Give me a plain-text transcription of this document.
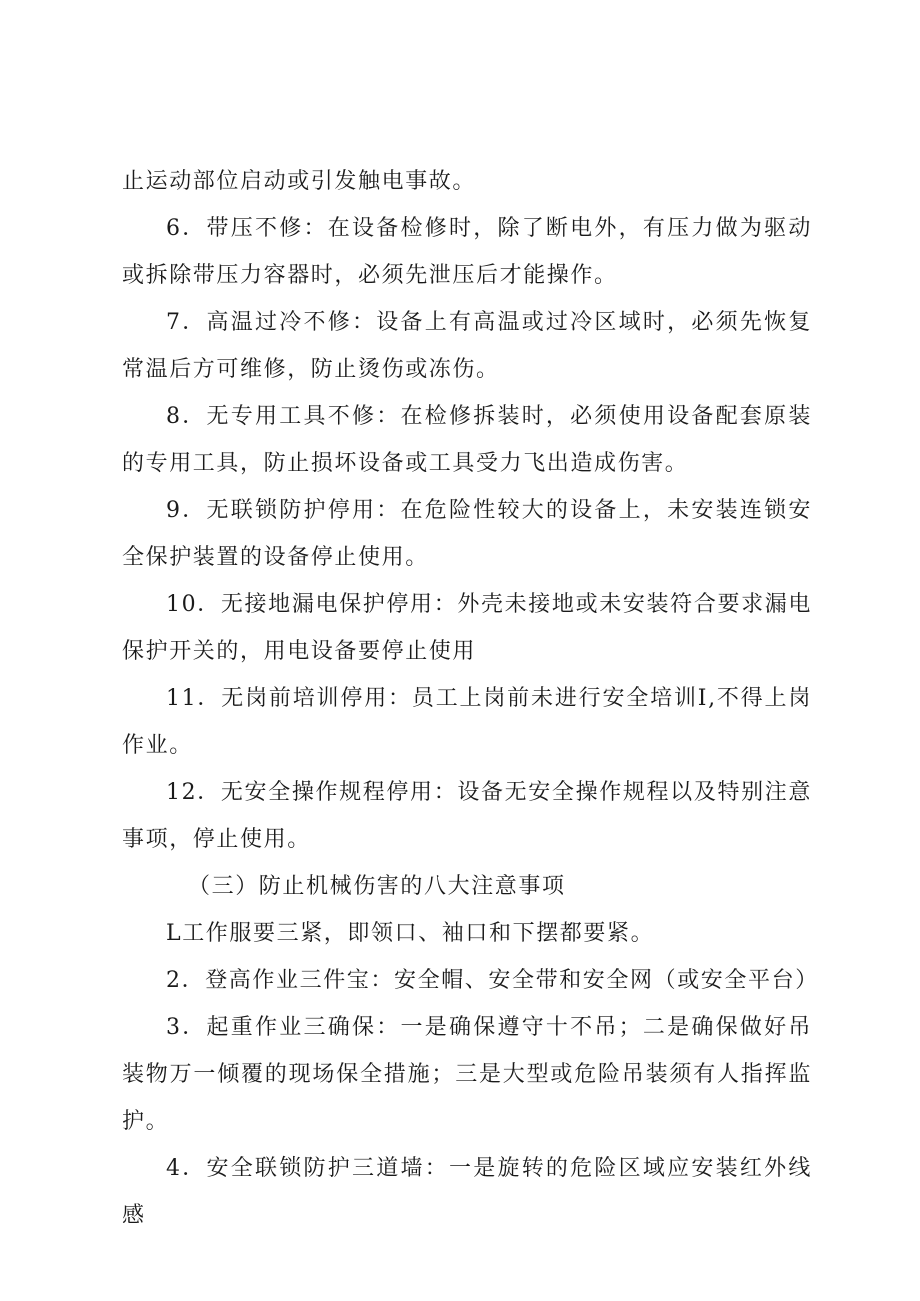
止运动部位启动或引发触电事故。

6．带压不修：在设备检修时，除了断电外，有压力做为驱动或拆除带压力容器时，必须先泄压后才能操作。

7．高温过冷不修：设备上有高温或过冷区域时，必须先恢复常温后方可维修，防止烫伤或冻伤。

8．无专用工具不修：在检修拆装时，必须使用设备配套原装的专用工具，防止损坏设备或工具受力飞出造成伤害。

9．无联锁防护停用：在危险性较大的设备上，未安装连锁安全保护装置的设备停止使用。

10．无接地漏电保护停用：外壳未接地或未安装符合要求漏电保护开关的，用电设备要停止使用

11．无岗前培训停用：员工上岗前未进行安全培训I,不得上岗作业。

12．无安全操作规程停用：设备无安全操作规程以及特别注意事项，停止使用。

（三）防止机械伤害的八大注意事项

L工作服要三紧，即领口、袖口和下摆都要紧。

2．登高作业三件宝：安全帽、安全带和安全网（或安全平台）

3．起重作业三确保：一是确保遵守十不吊；二是确保做好吊装物万一倾覆的现场保全措施；三是大型或危险吊装须有人指挥监护。

4．安全联锁防护三道墙：一是旋转的危险区域应安装红外线感
